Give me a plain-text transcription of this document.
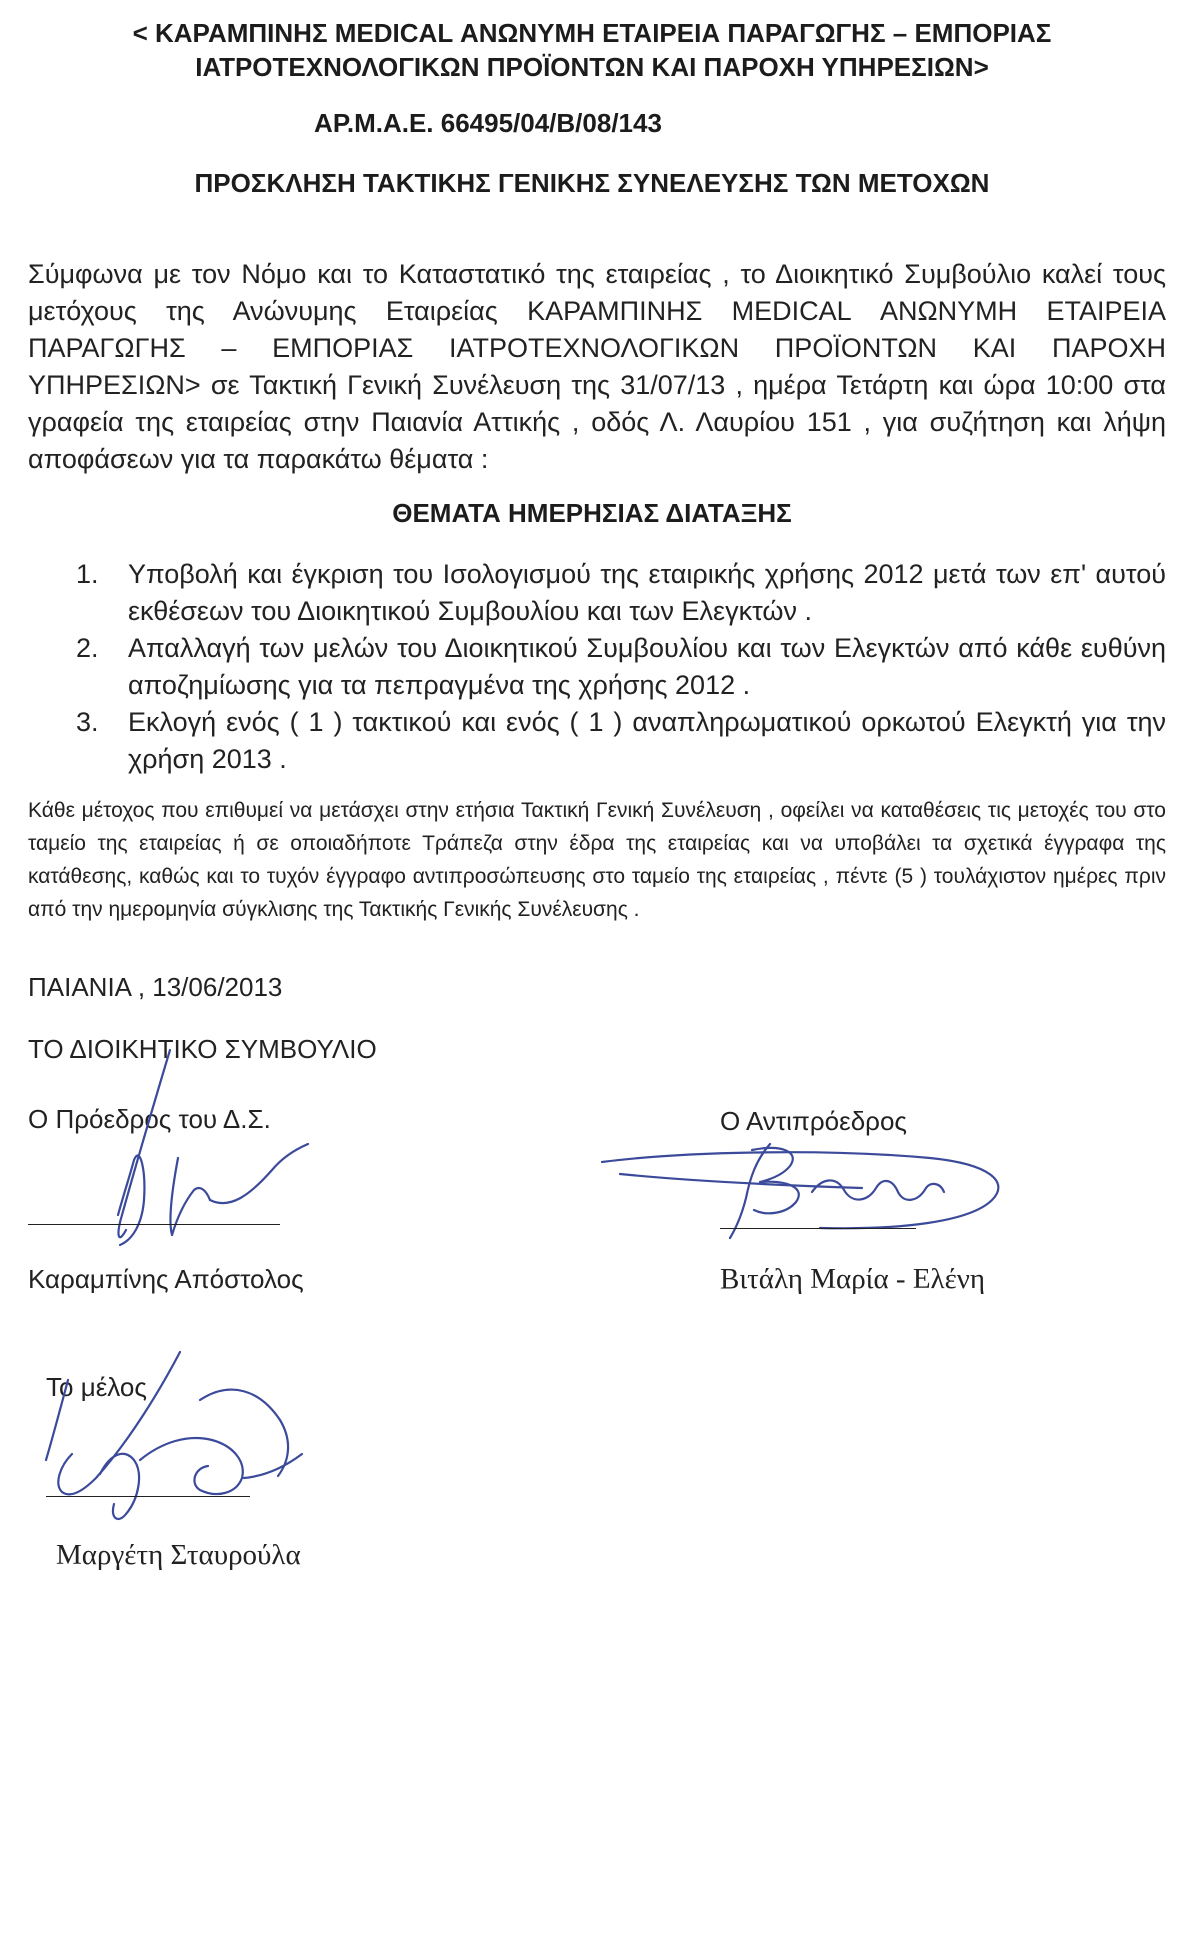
< ΚΑΡΑΜΠΙΝΗΣ MEDICAL ΑΝΩΝΥΜΗ ΕΤΑΙΡΕΙΑ ΠΑΡΑΓΩΓΗΣ – ΕΜΠΟΡΙΑΣ
ΙΑΤΡΟΤΕΧΝΟΛΟΓΙΚΩΝ ΠΡΟΪΟΝΤΩΝ ΚΑΙ ΠΑΡΟΧΗ ΥΠΗΡΕΣΙΩΝ>
ΑΡ.Μ.Α.Ε. 66495/04/Β/08/143
ΠΡΟΣΚΛΗΣΗ ΤΑΚΤΙΚΗΣ ΓΕΝΙΚΗΣ ΣΥΝΕΛΕΥΣΗΣ ΤΩΝ ΜΕΤΟΧΩΝ
Σύμφωνα με τον Νόμο και το Καταστατικό της εταιρείας , το Διοικητικό Συμβούλιο καλεί τους μετόχους της Ανώνυμης Εταιρείας ΚΑΡΑΜΠΙΝΗΣ MEDICAL ΑΝΩΝΥΜΗ ΕΤΑΙΡΕΙΑ ΠΑΡΑΓΩΓΗΣ – ΕΜΠΟΡΙΑΣ ΙΑΤΡΟΤΕΧΝΟΛΟΓΙΚΩΝ ΠΡΟΪΟΝΤΩΝ ΚΑΙ ΠΑΡΟΧΗ ΥΠΗΡΕΣΙΩΝ> σε Τακτική Γενική Συνέλευση της 31/07/13 , ημέρα Τετάρτη και ώρα 10:00 στα γραφεία της εταιρείας στην Παιανία Αττικής , οδός Λ. Λαυρίου 151 , για συζήτηση και λήψη αποφάσεων για τα παρακάτω θέματα :
ΘΕΜΑΤΑ ΗΜΕΡΗΣΙΑΣ ΔΙΑΤΑΞΗΣ
1. Υποβολή και έγκριση του Ισολογισμού της εταιρικής χρήσης 2012 μετά των επ' αυτού εκθέσεων του Διοικητικού Συμβουλίου και των Ελεγκτών .
2. Απαλλαγή των μελών του Διοικητικού Συμβουλίου και των Ελεγκτών από κάθε ευθύνη αποζημίωσης για τα πεπραγμένα της χρήσης 2012 .
3. Εκλογή ενός ( 1 ) τακτικού και ενός ( 1 ) αναπληρωματικού ορκωτού Ελεγκτή για την χρήση 2013 .
Κάθε μέτοχος που επιθυμεί να μετάσχει στην ετήσια Τακτική Γενική Συνέλευση , οφείλει να καταθέσεις τις μετοχές του στο ταμείο της εταιρείας ή σε οποιαδήποτε Τράπεζα στην έδρα της εταιρείας και να υποβάλει τα σχετικά έγγραφα της κατάθεσης, καθώς και το τυχόν έγγραφο αντιπροσώπευσης στο ταμείο της εταιρείας , πέντε (5 ) τουλάχιστον ημέρες πριν από την ημερομηνία σύγκλισης της Τακτικής Γενικής Συνέλευσης .
ΠΑΙΑΝΙΑ , 13/06/2013
ΤΟ ΔΙΟΙΚΗΤΙΚΟ ΣΥΜΒΟΥΛΙΟ
Ο Πρόεδρος του Δ.Σ.
Καραμπίνης Απόστολος
Ο Αντιπρόεδρος
Βιτάλη Μαρία - Ελένη
Το μέλος
Μαργέτη Σταυρούλα
